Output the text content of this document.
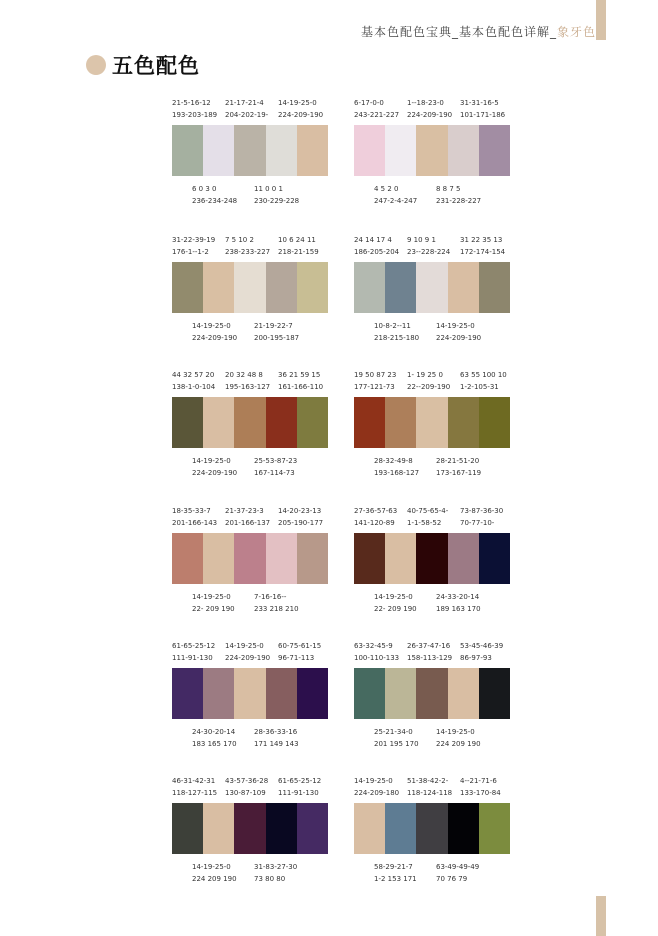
基本色配色宝典_基本色配色详解_象牙色
五色配色
21-5-16-12	21-17-21-4	14-19-25-0
193-203-189	204-202-19-	224-209-190
6 0 3 0	11 0 0 1
236-234-248	230-229-228
6-17-0-0	1--18-23-0	31-31-16-5
243-221-227	224-209-190	101-171-186
4 5 2 0	8 8 7 5
247-2-4-247	231-228-227
31-22-39-19	7 5 10 2	10 6 24 11
176-1--1-2	238-233-227	218-21-159
14-19-25-0	21-19-22-7
224-209-190	200-195-187
24 14 17 4	9 10 9 1	31 22 35 13
186-205-204	23--228-224	172-174-154
10-8-2--11	14-19-25-0
218-215-180	224-209-190
44 32 57 20	20 32 48 8	36 21 59 15
138-1-0-104	195-163-127	161-166-110
14-19-25-0	25-53-87-23
224-209-190	167-114-73
19 50 87 23	1- 19 25 0	63 55 100 10
177-121-73	22--209-190	1-2-105-31
28-32-49-8	28-21-51-20
193-168-127	173-167-119
18-35-33-7	21-37-23-3	14-20-23-13
201-166-143	201-166-137	205-190-177
14-19-25-0	7-16-16--
22- 209 190	233 218 210
27-36-57-63	40-75-65-4-	73-87-36-30
141-120-89	1-1-58-52	70-77-10-
14-19-25-0	24-33-20-14
22- 209 190	189 163 170
61-65-25-12	14-19-25-0	60-75-61-15
111-91-130	224-209-190	96-71-113
24-30-20-14	28-36-33-16
183 165 170	171 149 143
63-32-45-9	26-37-47-16	53-45-46-39
100-110-133	158-113-129	86-97-93
25-21-34-0	14-19-25-0
201 195 170	224 209 190
46-31-42-31	43-57-36-28	61-65-25-12
118-127-115	130-87-109	111-91-130
14-19-25-0	31-83-27-30
224 209 190	73 80 80
14-19-25-0	51-38-42-2-	4--21-71-6
224-209-180	118-124-118	133-170-84
58-29-21-7	63-49-49-49
1-2 153 171	70 76 79
